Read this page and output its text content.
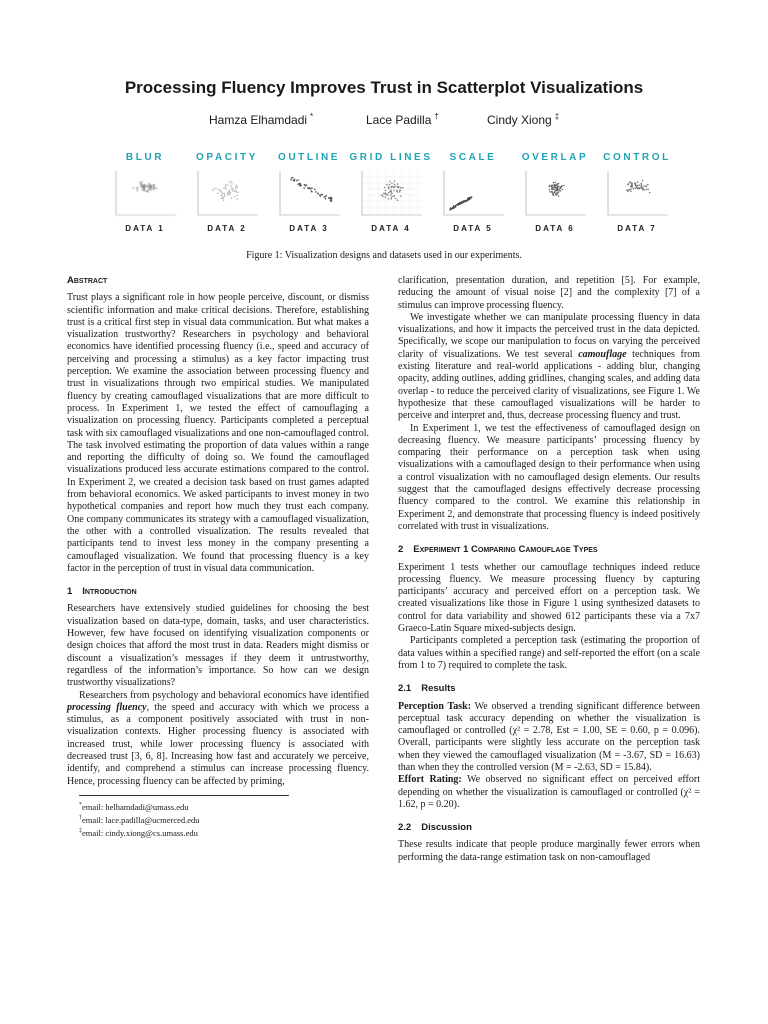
Processing Fluency Improves Trust in Scatterplot Visualizations
Hamza Elhamdadi *	Lace Padilla †	Cindy Xiong ‡
BLUR
DATA 1
OPACITY
DATA 2
OUTLINE
DATA 3
GRID LINES
DATA 4
SCALE
DATA 5
OVERLAP
DATA 6
CONTROL
DATA 7
Figure 1: Visualization designs and datasets used in our experiments.
Abstract

Trust plays a significant role in how people perceive, discount, or dismiss scientific information and make critical decisions. Therefore, establishing trust is a critical first step in visual data communication. But what makes a visualization trustworthy? Researchers in psychology and behavioral economics have identified processing fluency (i.e., speed and accuracy of perceiving and processing a stimulus) as a key factor impacting trust perception. We examine the association between processing fluency and trust in visualizations through two empirical studies. We manipulated fluency by creating camouflaged visualizations that are more difficult to process. In Experiment 1, we tested the effect of camouflaging a visualization on processing fluency. Participants completed a perceptual task with six camouflaged visualizations and one non-camouflaged control. The task involved estimating the proportion of data values within a range and reporting the difficulty of doing so. We found the camouflaged visualizations produced less accurate estimations compared to the control. In Experiment 2, we created a decision task based on trust games adapted from behavioral economics. We asked participants to invest money in two hypothetical companies and report how much they trust each company. One company communicates its strategy with a camouflaged visualization, the other with a controlled visualization. The results revealed that participants tend to invest less money in the company presenting a camouflaged visualization. We found that processing fluency is a key factor in the perception of trust in visual data communication.

1 Introduction

Researchers have extensively studied guidelines for choosing the best visualization based on data-type, domain, tasks, and user characteristics. However, few have focused on identifying visualization components or design choices that afford the most trust in data. Readers might dismiss or discount a visualization’s messages if they deem it untrustworthy, regardless of the information’s importance. So how can we design trustworthy visualizations?

Researchers from psychology and behavioral economics have identified processing fluency, the speed and accuracy with which we process a stimulus, as a component positively associated with trust in non-visualization contexts. Higher processing fluency is associated with increased trust, while lower processing fluency is associated with decreased trust [3, 6, 8]. Increasing how fast and accurately we perceive, identify, and comprehend a stimulus can increase processing fluency. Hence, processing fluency can be affected by priming,

*email: helhamdadi@umass.edu
†email: lace.padilla@ucmerced.edu
‡email: cindy.xiong@cs.umass.edu

clarification, presentation duration, and repetition [5]. For example, reducing the amount of visual noise [2] and the complexity [7] of a stimulus can improve processing fluency.

We investigate whether we can manipulate processing fluency in data visualizations, and how it impacts the perceived trust in the data depicted. Specifically, we scope our manipulation to focus on varying the perceived clarity of visualizations. We test several camouflage techniques from existing literature and real-world applications - adding blur, changing opacity, adding outlines, adding gridlines, changing scales, and adding data overlap - to reduce the perceived clarity of visualizations, see Figure 1. We hypothesize that these camouflaged visualizations will be harder to perceive and interpret and, thus, decrease processing fluency and trust.

In Experiment 1, we test the effectiveness of camouflaged design on decreasing fluency. We measure participants’ processing fluency by comparing their performance on a perception task when using visualizations with a camouflaged design to their performance when using a control visualization with no camouflaged design elements. Our results suggest that the camouflaged designs effectively decrease processing fluency compared to the control. We examine this relationship in Experiment 2, and demonstrate that processing fluency is indeed positively correlated with trust in visualizations.

2 Experiment 1 Comparing Camouflage Types

Experiment 1 tests whether our camouflage techniques indeed reduce processing fluency. We measure processing fluency by capturing participants’ accuracy and perceived effort on a perception task. We created visualizations like those in Figure 1 using synthesized datasets to control for data variability and showed 612 participants these via a 7x7 Graeco-Latin Square mixed-subjects design.

Participants completed a perception task (estimating the proportion of data values within a specified range) and self-reported the effort (on a scale from 1 to 7) required to complete the task.

2.1 Results

Perception Task: We observed a trending significant difference between perceptual task accuracy depending on whether the visualization is camouflaged or controlled (χ² = 2.78, Est = 1.00, SE = 0.60, p = 0.096). Overall, participants were slightly less accurate on the perception task when they viewed the camouflaged visualization (M = -3.67, SD = 16.63) than when they the controlled version (M = -2.63, SD = 15.84).

Effort Rating: We observed no significant effect on perceived effort depending on whether the visualization is camouflaged or controlled (χ² = 1.62, p = 0.20).

2.2 Discussion

These results indicate that people produce marginally fewer errors when performing the data-range estimation task on non-camouflaged
